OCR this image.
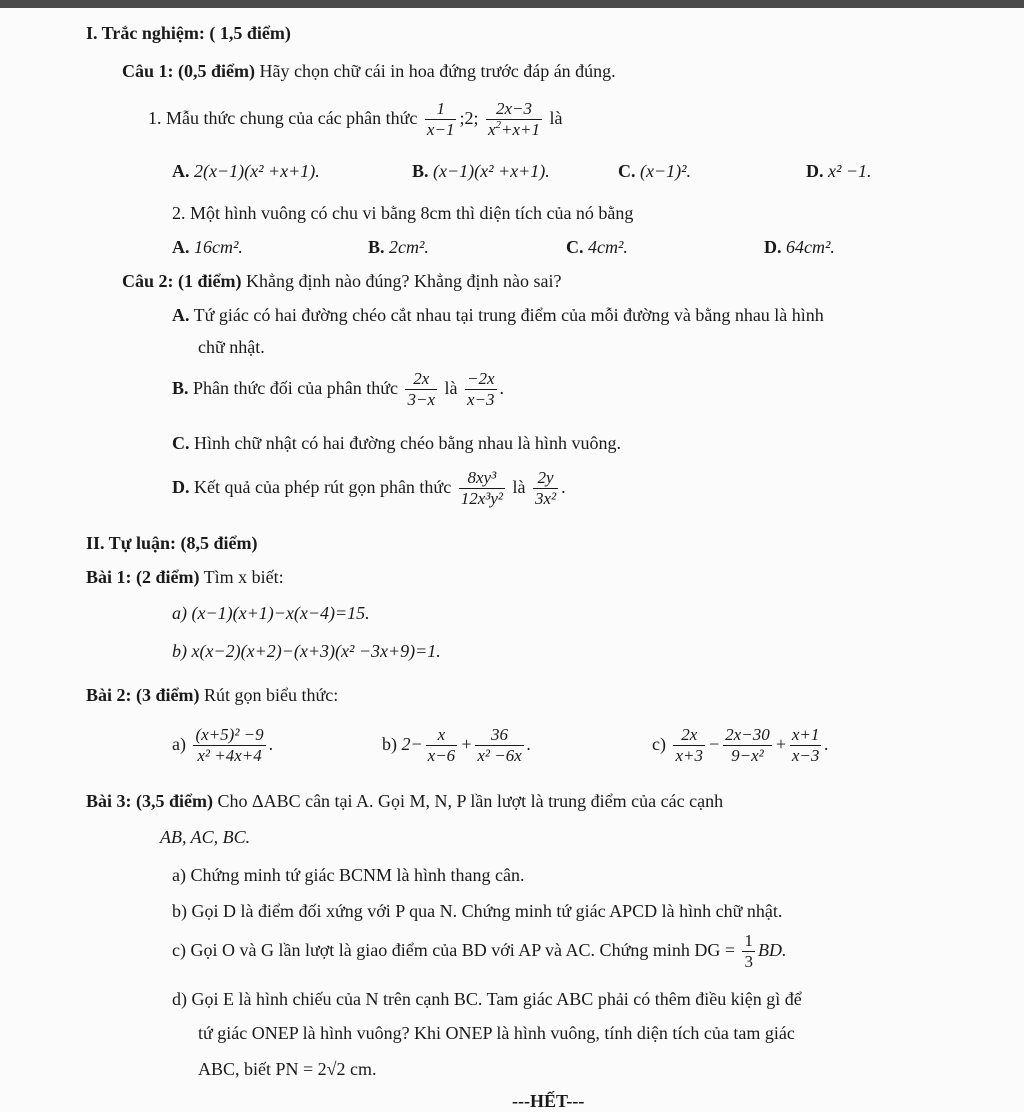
I. Trắc nghiệm: ( 1,5 điểm)
Câu 1: (0,5 điểm) Hãy chọn chữ cái in hoa đứng trước đáp án đúng.
1. Mẫu thức chung của các phân thức $\frac{1}{x-1}$ ;2; $\frac{2x-3}{x^2+x+1}$ là
A. 2(x−1)(x² +x+1).	B. (x−1)(x² +x+1).	C. (x−1)².	D. x² −1.
2. Một hình vuông có chu vi bằng 8cm thì diện tích của nó bằng
A. 16cm².	B. 2cm².	C. 4cm².	D. 64cm².
Câu 2: (1 điểm) Khẳng định nào đúng? Khẳng định nào sai?
A. Tứ giác có hai đường chéo cắt nhau tại trung điểm của mỗi đường và bằng nhau là hình
chữ nhật.
B. Phân thức đối của phân thức $\frac{2x}{3-x}$ là $\frac{-2x}{x-3}$ .
C. Hình chữ nhật có hai đường chéo bằng nhau là hình vuông.
D. Kết quả của phép rút gọn phân thức $\frac{\text{8xy³}}{\text{12x³y²}}$ là $\frac{2y}{\text{3x²}}$ .
II. Tự luận: (8,5 điểm)
Bài 1: (2 điểm) Tìm x biết:
a) (x−1)(x+1)−x(x−4)=15.
b) x(x−2)(x+2)−(x+3)(x² −3x+9)=1.
Bài 2: (3 điểm) Rút gọn biểu thức:
$a) \frac{\text{(x+5)² −9}}{\text{x² +4x+4}}$ .	b) $2- \frac{x}{x-6} + \frac{36}{\text{x² −6x}}$ .	$c) \frac{2x}{x+3} - \frac{2x-30}{\text{9−x²}} + \frac{x+1}{x-3}$ .
Bài 3: (3,5 điểm) Cho ΔABC cân tại A. Gọi M, N, P lần lượt là trung điểm của các cạnh
AB, AC, BC.
a) Chứng minh tứ giác BCNM là hình thang cân.
b) Gọi D là điểm đối xứng với P qua N. Chứng minh tứ giác APCD là hình chữ nhật.
c) Gọi O và G lần lượt là giao điểm của BD với AP và AC. Chứng minh DG = $\frac{1}{3}$ BD.
d) Gọi E là hình chiếu của N trên cạnh BC. Tam giác ABC phải có thêm điều kiện gì để
tứ giác ONEP là hình vuông? Khi ONEP là hình vuông, tính diện tích của tam giác
ABC, biết PN = 2√2 cm.
---HẾT---
